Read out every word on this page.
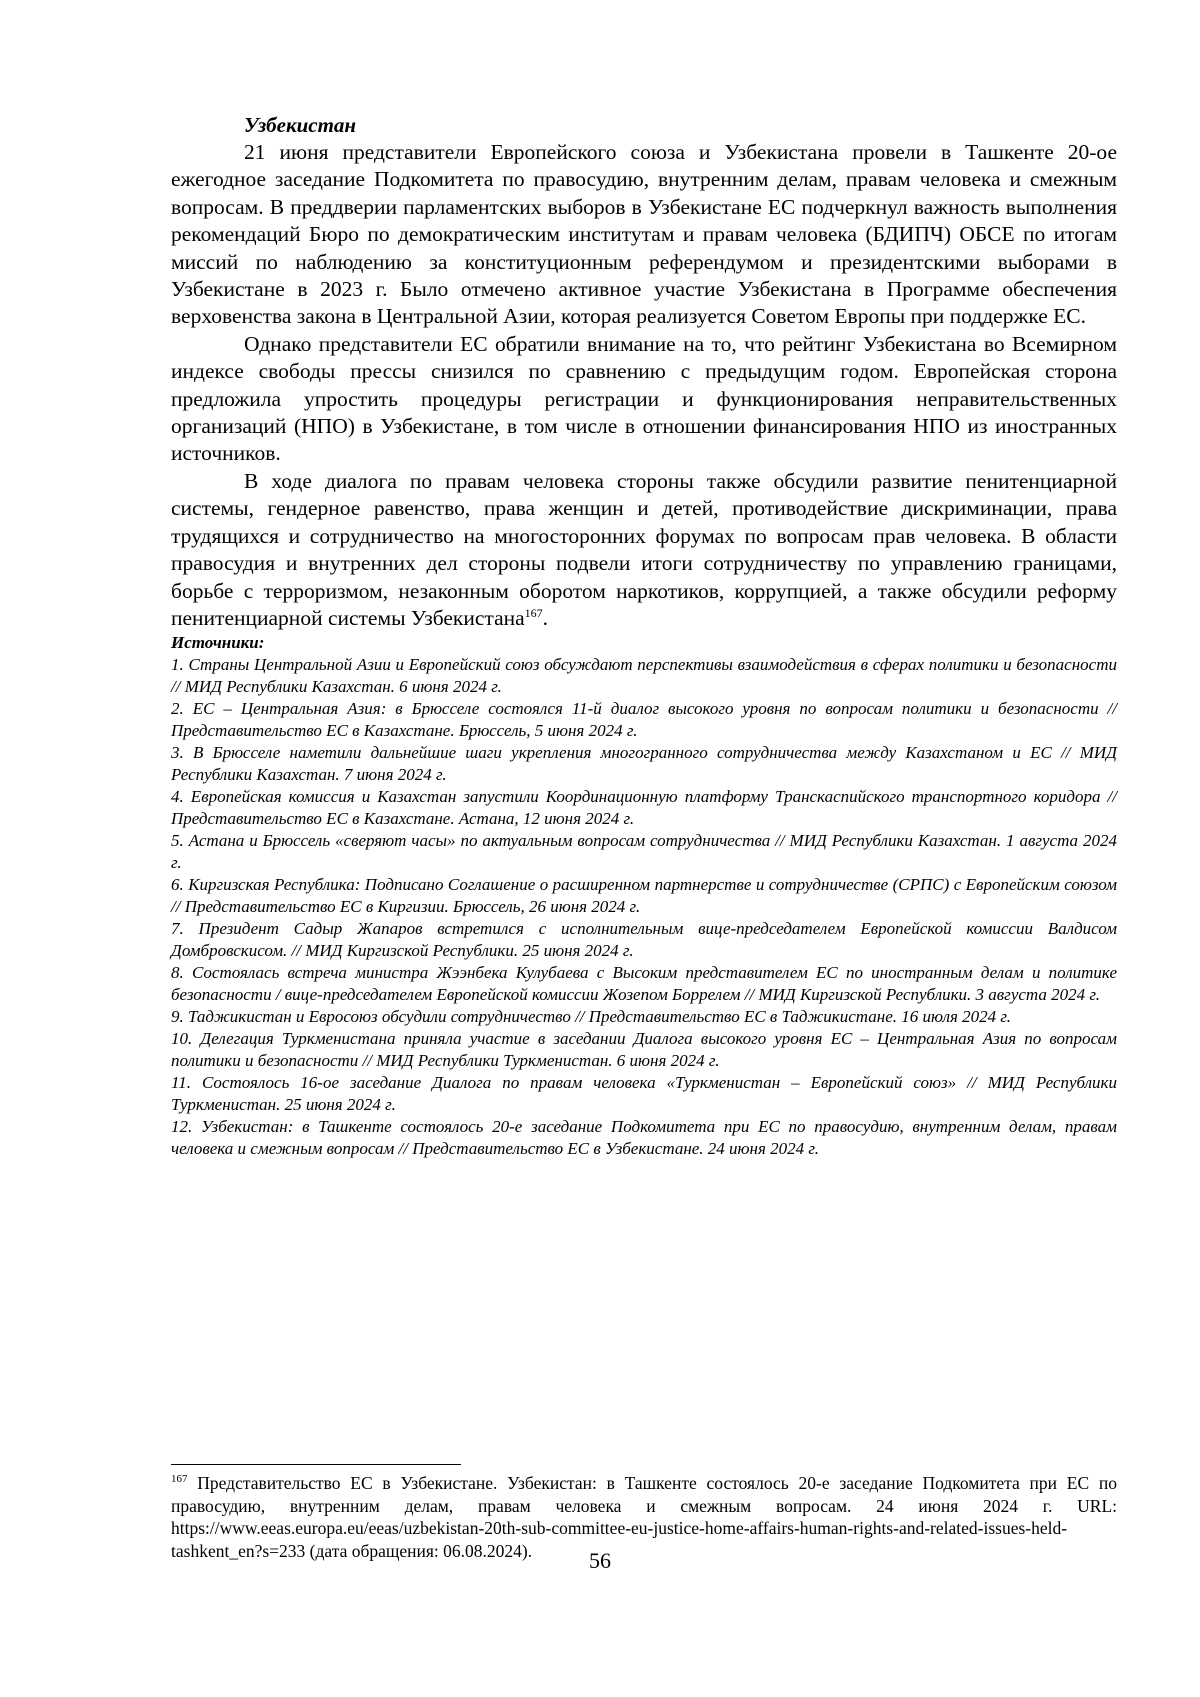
Узбекистан

21 июня представители Европейского союза и Узбекистана провели в Ташкенте 20-ое ежегодное заседание Подкомитета по правосудию, внутренним делам, правам человека и смежным вопросам. В преддверии парламентских выборов в Узбекистане ЕС подчеркнул важность выполнения рекомендаций Бюро по демократическим институтам и правам человека (БДИПЧ) ОБСЕ по итогам миссий по наблюдению за конституционным референдумом и президентскими выборами в Узбекистане в 2023 г. Было отмечено активное участие Узбекистана в Программе обеспечения верховенства закона в Центральной Азии, которая реализуется Советом Европы при поддержке ЕС.

Однако представители ЕС обратили внимание на то, что рейтинг Узбекистана во Всемирном индексе свободы прессы снизился по сравнению с предыдущим годом. Европейская сторона предложила упростить процедуры регистрации и функционирования неправительственных организаций (НПО) в Узбекистане, в том числе в отношении финансирования НПО из иностранных источников.

В ходе диалога по правам человека стороны также обсудили развитие пенитенциарной системы, гендерное равенство, права женщин и детей, противодействие дискриминации, права трудящихся и сотрудничество на многосторонних форумах по вопросам прав человека. В области правосудия и внутренних дел стороны подвели итоги сотрудничеству по управлению границами, борьбе с терроризмом, незаконным оборотом наркотиков, коррупцией, а также обсудили реформу пенитенциарной системы Узбекистана$^{167}$.

Источники:

1. Страны Центральной Азии и Европейский союз обсуждают перспективы взаимодействия в сферах политики и безопасности // МИД Республики Казахстан. 6 июня 2024 г.
2. ЕС – Центральная Азия: в Брюсселе состоялся 11-й диалог высокого уровня по вопросам политики и безопасности // Представительство ЕС в Казахстане. Брюссель, 5 июня 2024 г.
3. В Брюсселе наметили дальнейшие шаги укрепления многогранного сотрудничества между Казахстаном и ЕС // МИД Республики Казахстан. 7 июня 2024 г.
4. Европейская комиссия и Казахстан запустили Координационную платформу Транскаспийского транспортного коридора // Представительство ЕС в Казахстане. Астана, 12 июня 2024 г.
5. Астана и Брюссель «сверяют часы» по актуальным вопросам сотрудничества // МИД Республики Казахстан. 1 августа 2024 г.
6. Киргизская Республика: Подписано Соглашение о расширенном партнерстве и сотрудничестве (СРПС) с Европейским союзом // Представительство ЕС в Киргизии. Брюссель, 26 июня 2024 г.
7. Президент Садыр Жапаров встретился с исполнительным вице-председателем Европейской комиссии Валдисом Домбровскисом. // МИД Киргизской Республики. 25 июня 2024 г.
8. Состоялась встреча министра Жээнбека Кулубаева с Высоким представителем ЕС по иностранным делам и политике безопасности / вице-председателем Европейской комиссии Жозепом Боррелем // МИД Киргизской Республики. 3 августа 2024 г.
9. Таджикистан и Евросоюз обсудили сотрудничество // Представительство ЕС в Таджикистане. 16 июля 2024 г.
10. Делегация Туркменистана приняла участие в заседании Диалога высокого уровня ЕС – Центральная Азия по вопросам политики и безопасности // МИД Республики Туркменистан. 6 июня 2024 г.
11. Состоялось 16-ое заседание Диалога по правам человека «Туркменистан – Европейский союз» // МИД Республики Туркменистан. 25 июня 2024 г.
12. Узбекистан: в Ташкенте состоялось 20-е заседание Подкомитета при ЕС по правосудию, внутренним делам, правам человека и смежным вопросам // Представительство ЕС в Узбекистане. 24 июня 2024 г.

$^{167}$ Представительство ЕС в Узбекистане. Узбекистан: в Ташкенте состоялось 20-е заседание Подкомитета при ЕС по правосудию, внутренним делам, правам человека и смежным вопросам. 24 июня 2024 г. URL: https://www.eeas.europa.eu/eeas/uzbekistan-20th-sub-committee-eu-justice-home-affairs-human-rights-and-related-issues-held-tashkent_en?s=233 (дата обращения: 06.08.2024).	56
